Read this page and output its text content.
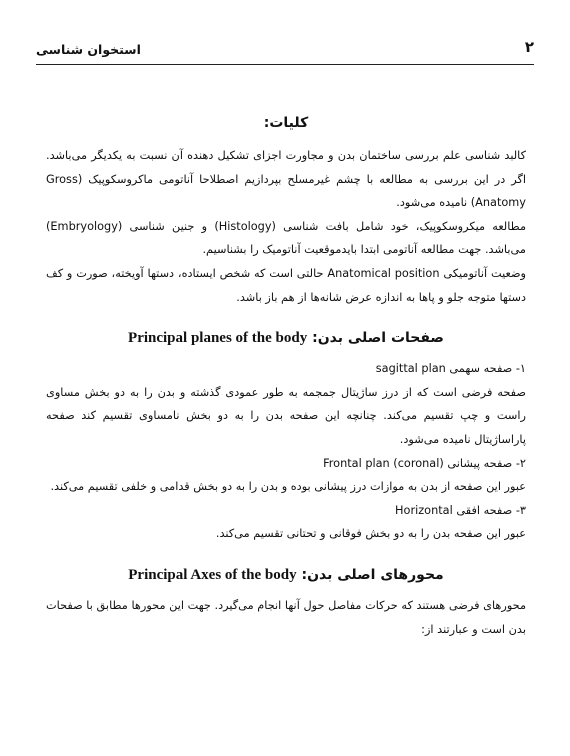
استخوان شناسی	۲
کلیات:

کالبد شناسی علم بررسی ساختمان بدن و مجاورت اجزای تشکیل دهنده آن نسبت به یکدیگر می‌باشد. اگر در این بررسی به مطالعه با چشم غیرمسلح بپردازیم اصطلاحا آناتومی ماکروسکوپیک (Gross Anatomy) نامیده می‌شود.

مطالعه میکروسکوپیک، خود شامل بافت شناسی (Histology) و جنین شناسی (Embryology) می‌باشد. جهت مطالعه آناتومی ابتدا بایدموقعیت آناتومیک را بشناسیم.

وضعیت آناتومیکی Anatomical position حالتی است که شخص ایستاده، دستها آویخته، صورت و کف دستها متوجه جلو و پاها به اندازه عرض شانه‌ها از هم باز باشد.

صفحات اصلی بدن: Principal planes of the body

۱- صفحه سهمی sagittal plan

صفحه فرضی است که از درز ساژیتال جمجمه به طور عمودی گذشته و بدن را به دو بخش مساوی راست و چپ تقسیم می‌کند. چنانچه این صفحه بدن را به دو بخش نامساوی تقسیم کند صفحه پاراساژیتال نامیده می‌شود.

۲- صفحه پیشانی (Frontal plan (coronal

عبور این صفحه از بدن به موازات درز پیشانی بوده و بدن را به دو بخش قدامی و خلفی تقسیم می‌کند.

۳- صفحه افقی Horizontal

عبور این صفحه بدن را به دو بخش فوقانی و تحتانی تقسیم می‌کند.

محورهای اصلی بدن: Principal Axes of the body

محورهای فرضی هستند که حرکات مفاصل حول آنها انجام می‌گیرد. جهت این محورها مطابق با صفحات بدن است و عبارتند از:
